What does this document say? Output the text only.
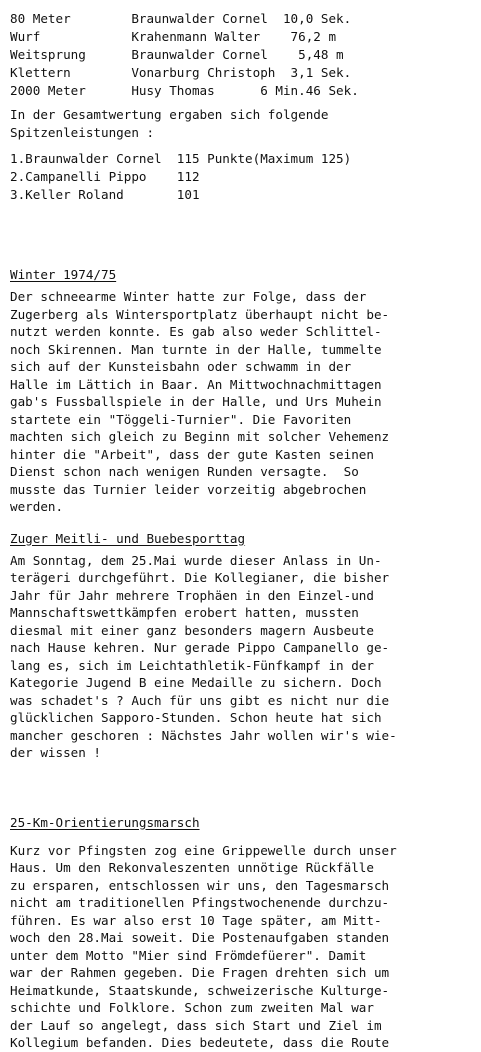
80 Meter        Braunwalder Cornel  10,0 Sek.
Wurf            Krahenmann Walter    76,2 m
Weitsprung      Braunwalder Cornel    5,48 m
Klettern        Vonarburg Christoph  3,1 Sek.
2000 Meter      Husy Thomas      6 Min.46 Sek.
In der Gesamtwertung ergaben sich folgende
Spitzenleistungen :
1.Braunwalder Cornel  115 Punkte(Maximum 125)
2.Campanelli Pippo    112
3.Keller Roland       101
Winter 1974/75
Der schneearme Winter hatte zur Folge, dass der
Zugerberg als Wintersportplatz überhaupt nicht be-
nutzt werden konnte. Es gab also weder Schlittel-
noch Skirennen. Man turnte in der Halle, tummelte
sich auf der Kunsteisbahn oder schwamm in der
Halle im Lättich in Baar. An Mittwochnachmittagen
gab's Fussballspiele in der Halle, und Urs Muhein
startete ein "Töggeli-Turnier". Die Favoriten
machten sich gleich zu Beginn mit solcher Vehemenz
hinter die "Arbeit", dass der gute Kasten seinen
Dienst schon nach wenigen Runden versagte.  So
musste das Turnier leider vorzeitig abgebrochen
werden.
Zuger Meitli- und Buebesporttag
Am Sonntag, dem 25.Mai wurde dieser Anlass in Un-
terägeri durchgeführt. Die Kollegianer, die bisher
Jahr für Jahr mehrere Trophäen in den Einzel-und
Mannschaftswettkämpfen erobert hatten, mussten
diesmal mit einer ganz besonders magern Ausbeute
nach Hause kehren. Nur gerade Pippo Campanello ge-
lang es, sich im Leichtathletik-Fünfkampf in der
Kategorie Jugend B eine Medaille zu sichern. Doch
was schadet's ? Auch für uns gibt es nicht nur die
glücklichen Sapporo-Stunden. Schon heute hat sich
mancher geschoren : Nächstes Jahr wollen wir's wie-
der wissen !
25-Km-Orientierungsmarsch
Kurz vor Pfingsten zog eine Grippewelle durch unser
Haus. Um den Rekonvaleszenten unnötige Rückfälle
zu ersparen, entschlossen wir uns, den Tagesmarsch
nicht am traditionellen Pfingstwochenende durchzu-
führen. Es war also erst 10 Tage später, am Mitt-
woch den 28.Mai soweit. Die Postenaufgaben standen
unter dem Motto "Mier sind Frömdefüerer". Damit
war der Rahmen gegeben. Die Fragen drehten sich um
Heimatkunde, Staatskunde, schweizerische Kulturge-
schichte und Folklore. Schon zum zweiten Mal war
der Lauf so angelegt, dass sich Start und Ziel im
Kollegium befanden. Dies bedeutete, dass die Route
